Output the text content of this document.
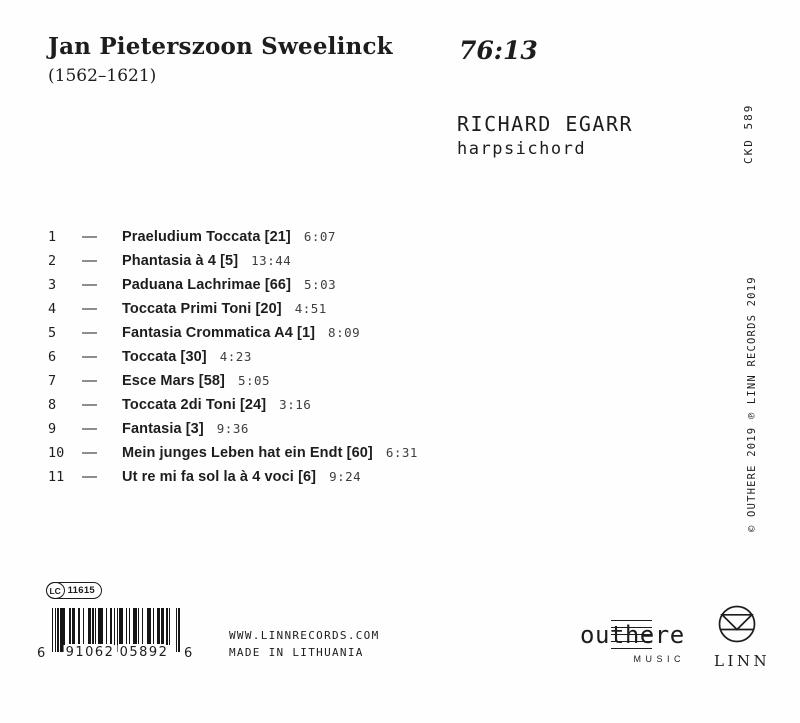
Jan Pieterszoon Sweelinck
(1562–1621)
76:13
RICHARD EGARR
harpsichord	CKD 589
© OUTHERE 2019 ℗ LINN RECORDS 2019
1	—	Praeludium Toccata [21] 6:07
2	—	Phantasia à 4 [5] 13:44
3	—	Paduana Lachrimae [66] 5:03
4	—	Toccata Primi Toni [20] 4:51
5	—	Fantasia Crommatica A4 [1] 8:09
6	—	Toccata [30] 4:23
7	—	Esce Mars [58] 5:05
8	—	Toccata 2di Toni [24] 3:16
9	—	Fantasia [3] 9:36
10	—	Mein junges Leben hat ein Endt [60] 6:31
11	—	Ut re mi fa sol la à 4 voci [6] 9:24
LC 11615
6 91062 05892 6
WWW.LINNRECORDS.COM
MADE IN LITHUANIA
outhere
MUSIC LINN
